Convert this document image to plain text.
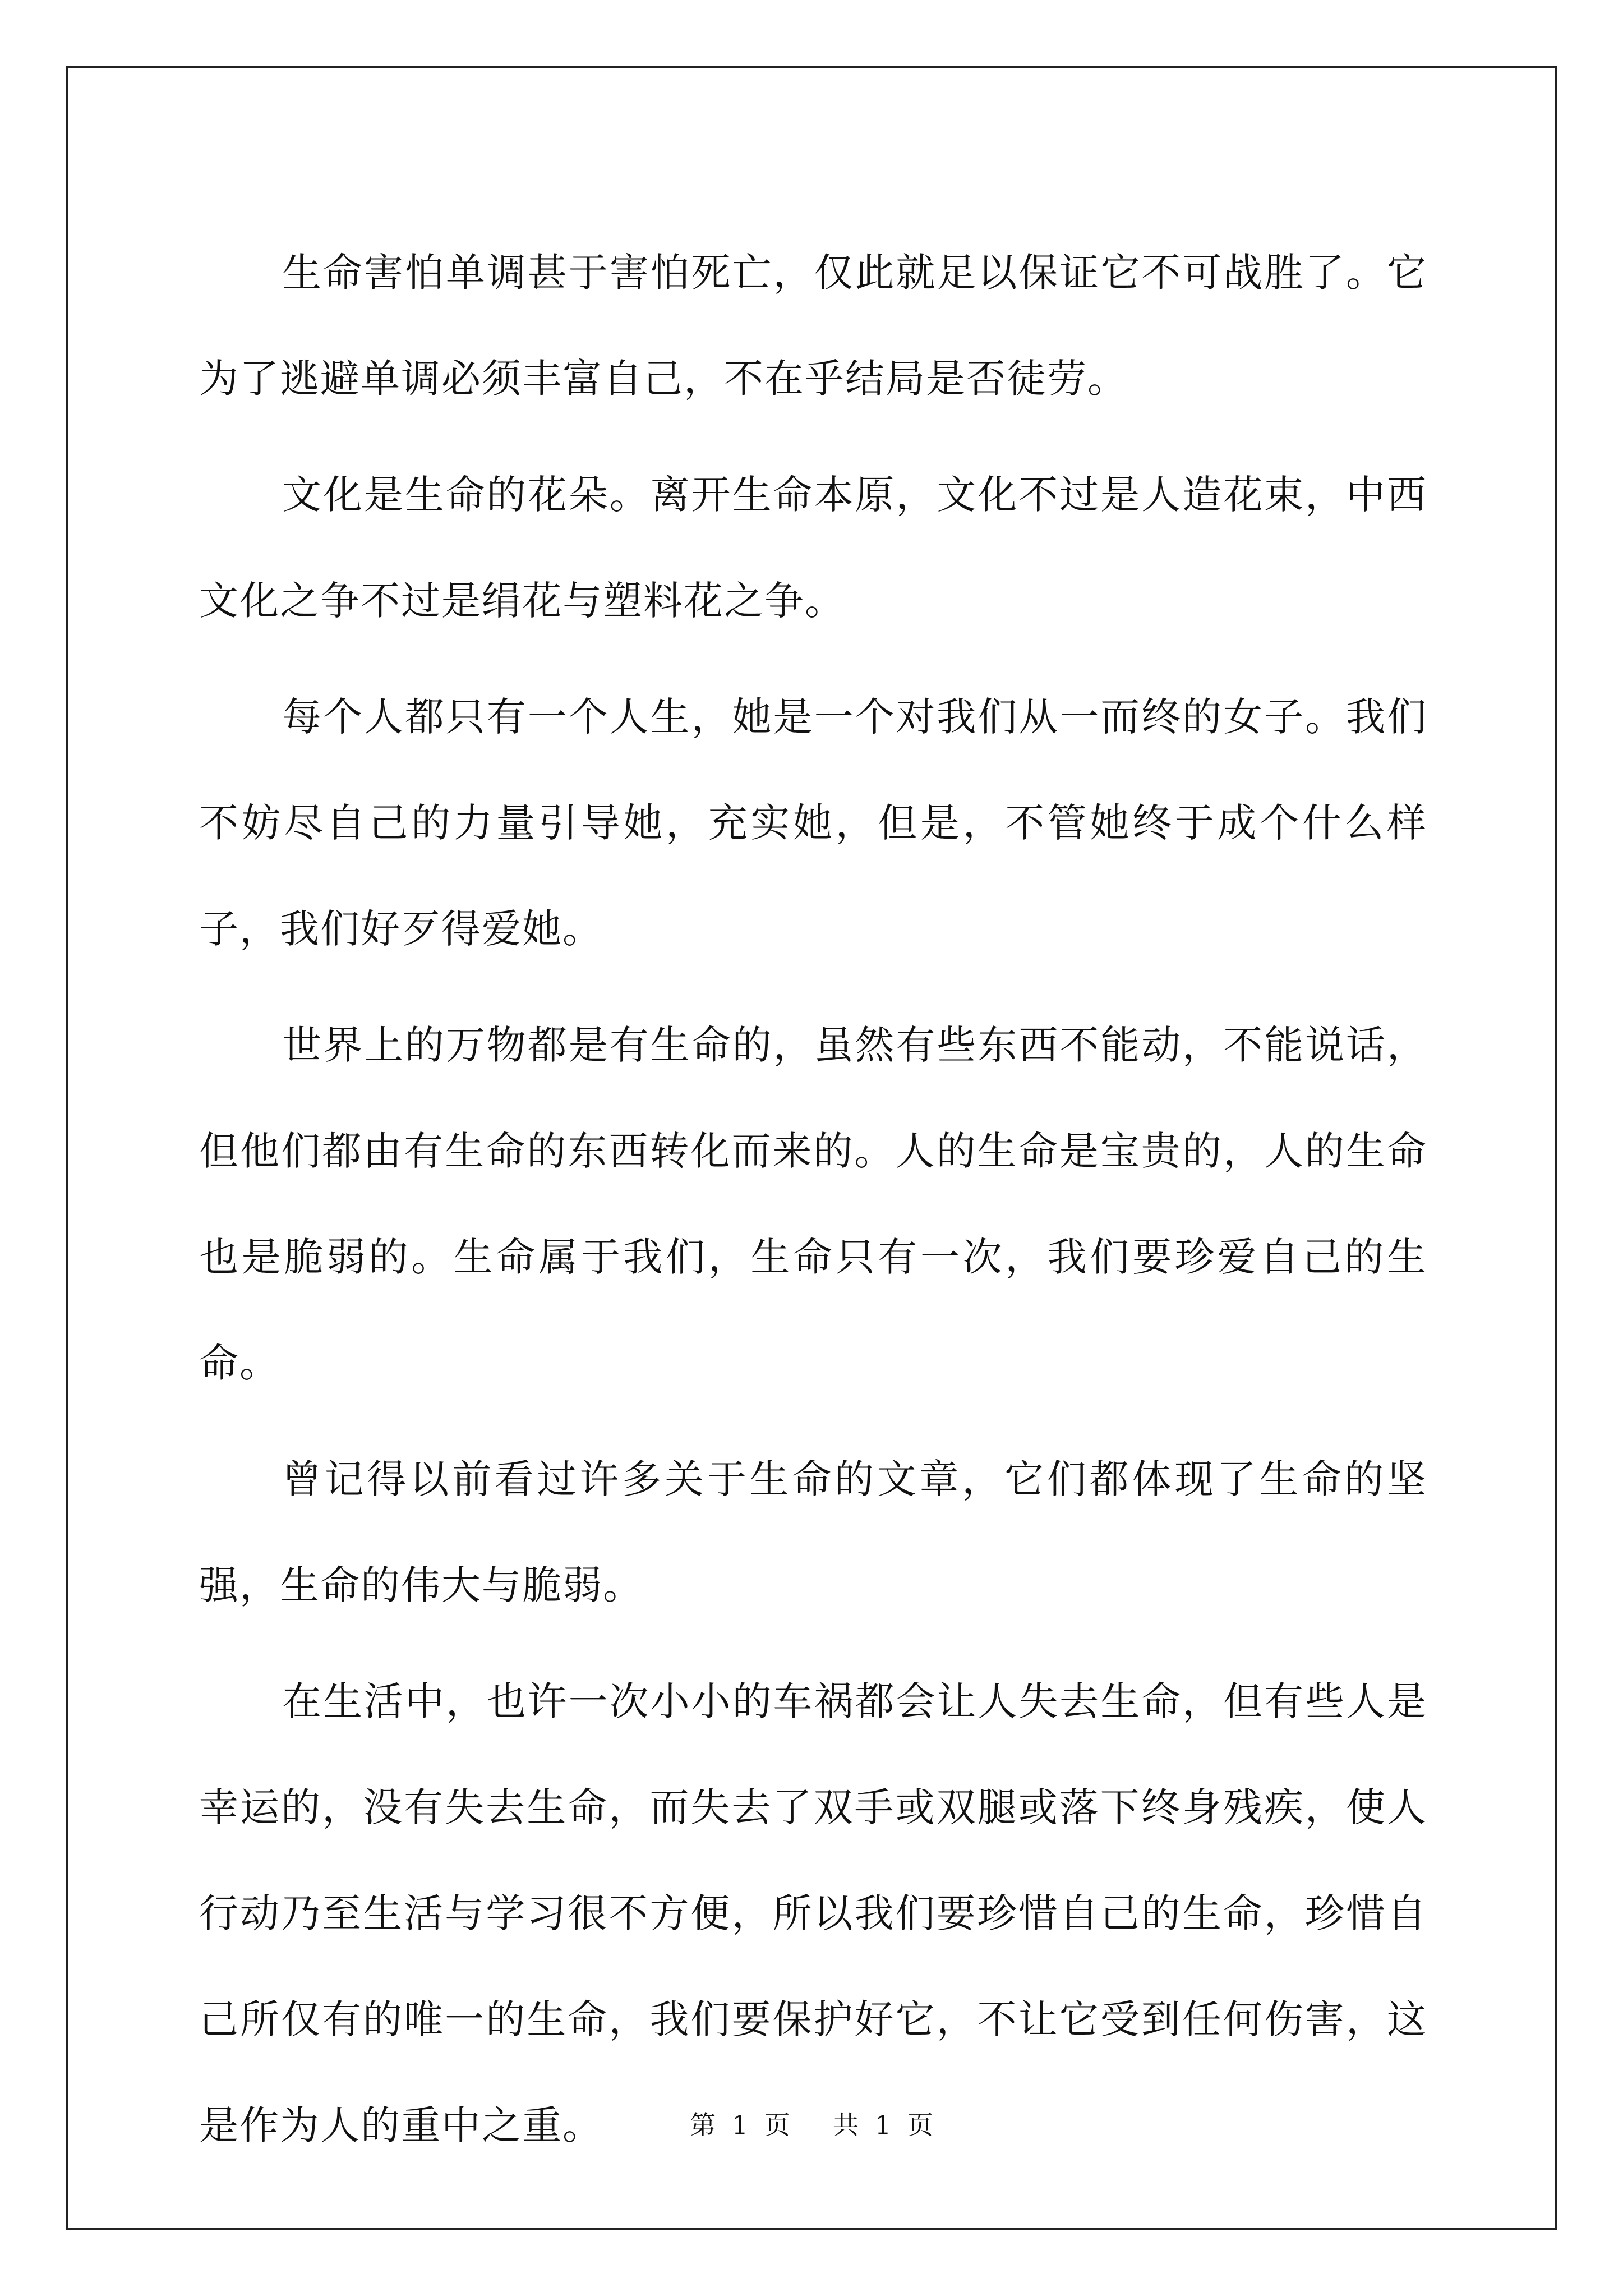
生命害怕单调甚于害怕死亡，仅此就足以保证它不可战胜了。它为了逃避单调必须丰富自己，不在乎结局是否徒劳。

文化是生命的花朵。离开生命本原，文化不过是人造花束，中西文化之争不过是绢花与塑料花之争。

每个人都只有一个人生，她是一个对我们从一而终的女子。我们不妨尽自己的力量引导她，充实她，但是，不管她终于成个什么样子，我们好歹得爱她。

世界上的万物都是有生命的，虽然有些东西不能动，不能说话，但他们都由有生命的东西转化而来的。人的生命是宝贵的，人的生命也是脆弱的。生命属于我们，生命只有一次，我们要珍爱自己的生命。

曾记得以前看过许多关于生命的文章，它们都体现了生命的坚强，生命的伟大与脆弱。

在生活中，也许一次小小的车祸都会让人失去生命，但有些人是幸运的，没有失去生命，而失去了双手或双腿或落下终身残疾，使人行动乃至生活与学习很不方便，所以我们要珍惜自己的生命，珍惜自己所仅有的唯一的生命，我们要保护好它，不让它受到任何伤害，这是作为人的重中之重。	第 1 页 共 1 页
